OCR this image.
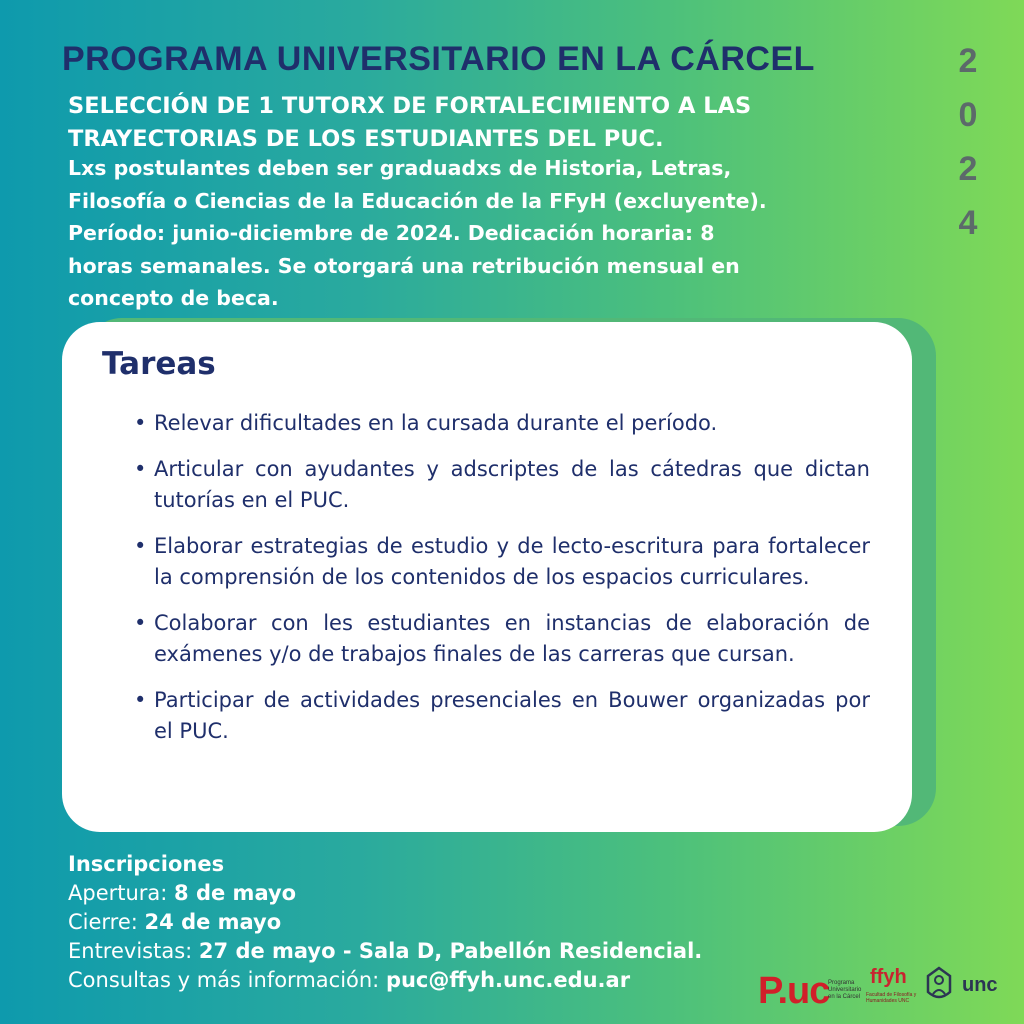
PROGRAMA UNIVERSITARIO EN LA CÁRCEL	2
0
2
4
SELECCIÓN DE 1 TUTORX DE FORTALECIMIENTO A LAS
TRAYECTORIAS DE LOS ESTUDIANTES DEL PUC.
Lxs postulantes deben ser graduadxs de Historia, Letras,
Filosofía o Ciencias de la Educación de la FFyH (excluyente).
Período: junio-diciembre de 2024. Dedicación horaria: 8
horas semanales. Se otorgará una retribución mensual en
concepto de beca.
Tareas
• Relevar dificultades en la cursada durante el período.
• Articular con ayudantes y adscriptes de las cátedras que dictan tutorías en el PUC.
• Elaborar estrategias de estudio y de lecto-escritura para fortalecer la comprensión de los contenidos de los espacios curriculares.
• Colaborar con les estudiantes en instancias de elaboración de exámenes y/o de trabajos finales de las carreras que cursan.
• Participar de actividades presenciales en Bouwer organizadas por el PUC.
Inscripciones
Apertura: 8 de mayo
Cierre: 24 de mayo
Entrevistas: 27 de mayo - Sala D, Pabellón Residencial.
Consultas y más información: puc@ffyh.unc.edu.ar	P.uc
Programa Universitario en la Cárcel
ffyh
Facultad de Filosofía y Humanidades UNC
unc
